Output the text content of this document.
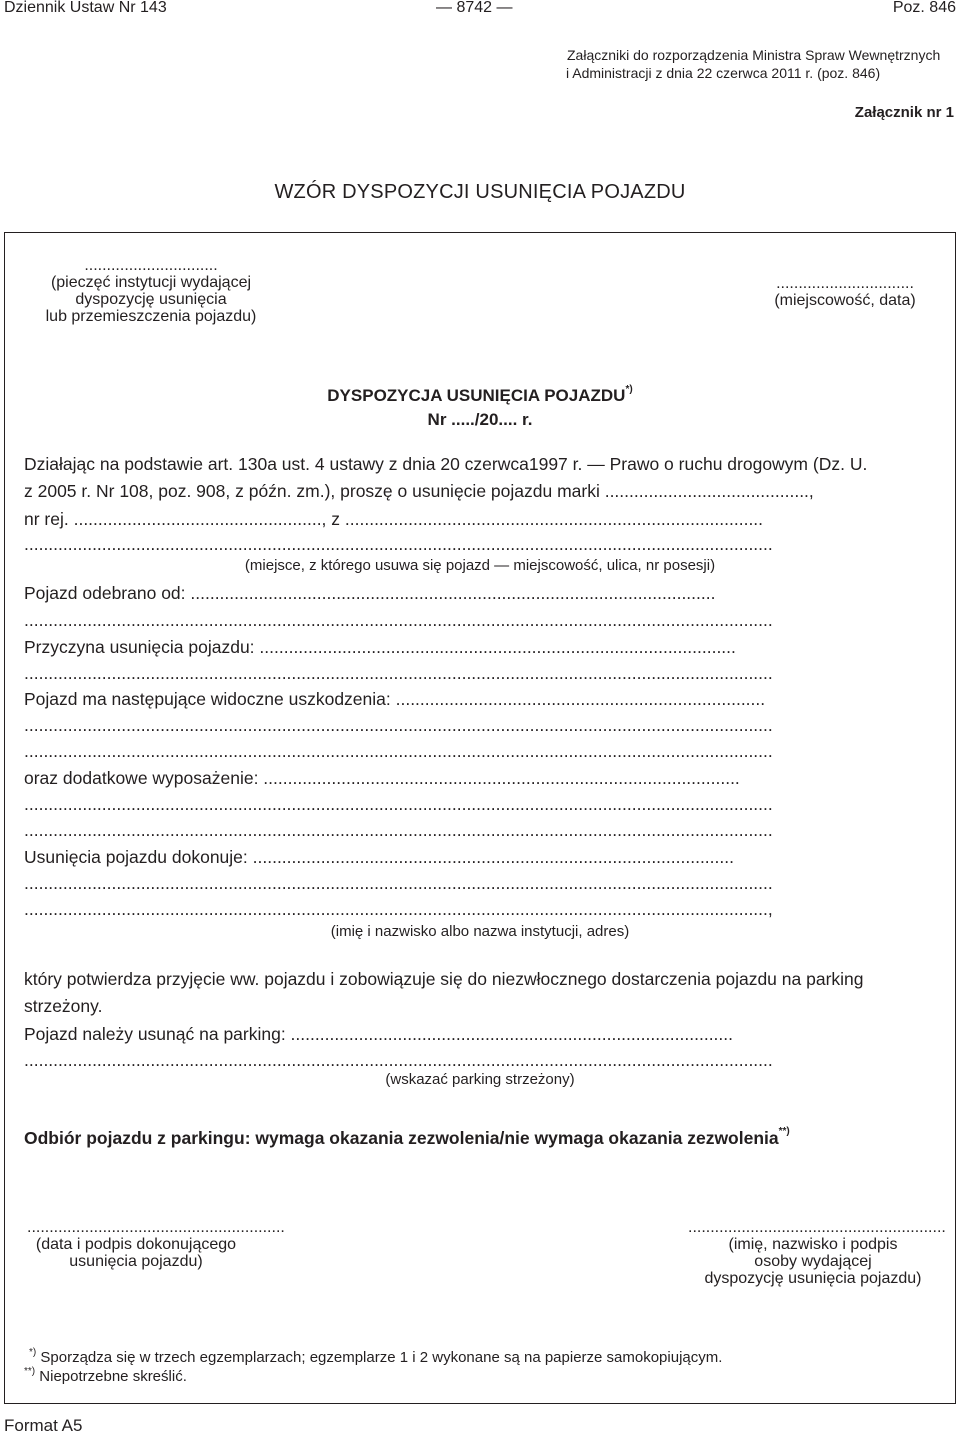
Dziennik Ustaw Nr 143	— 8742 —	Poz. 846
Załączniki do rozporządzenia Ministra Spraw Wewnętrznych
i Administracji z dnia 22 czerwca 2011 r. (poz. 846)
Załącznik nr 1
WZÓR DYSPOZYCJI USUNIĘCIA POJAZDU
..............................
(pieczęć instytucji wydającej
dyspozycję usunięcia
lub przemieszczenia pojazdu)
...............................
(miejscowość, data)
DYSPOZYCJA USUNIĘCIA POJAZDU*)
Nr ...../20.... r.
Działając na podstawie art. 130a ust. 4 ustawy z dnia 20 czerwca1997 r. — Prawo o ruchu drogowym (Dz. U.
z 2005 r. Nr 108, poz. 908, z późn. zm.), proszę o usunięcie pojazdu marki ..........................................,
nr rej. ..................................................., z ......................................................................................
..........................................................................................................................................................
(miejsce, z którego usuwa się pojazd — miejscowość, ulica, nr posesji)
Pojazd odebrano od: ............................................................................................................
..........................................................................................................................................................
Przyczyna usunięcia pojazdu: ..................................................................................................
..........................................................................................................................................................
Pojazd ma następujące widoczne uszkodzenia: ............................................................................
..........................................................................................................................................................
..........................................................................................................................................................
oraz dodatkowe wyposażenie: ..................................................................................................
..........................................................................................................................................................
..........................................................................................................................................................
Usunięcia pojazdu dokonuje: ...................................................................................................
..........................................................................................................................................................
.........................................................................................................................................................,
(imię i nazwisko albo nazwa instytucji, adres)
który potwierdza przyjęcie ww. pojazdu i zobowiązuje się do niezwłocznego dostarczenia pojazdu na parking
strzeżony.
Pojazd należy usunąć na parking: ...........................................................................................
..........................................................................................................................................................
(wskazać parking strzeżony)
Odbiór pojazdu z parkingu: wymaga okazania zezwolenia/nie wymaga okazania zezwolenia**)
..........................................................
(data i podpis dokonującego
usunięcia pojazdu)
..........................................................
(imię, nazwisko i podpis
osoby wydającej
dyspozycję usunięcia pojazdu)
*) Sporządza się w trzech egzemplarzach; egzemplarze 1 i 2 wykonane są na papierze samokopiującym.
**) Niepotrzebne skreślić.
Format A5
